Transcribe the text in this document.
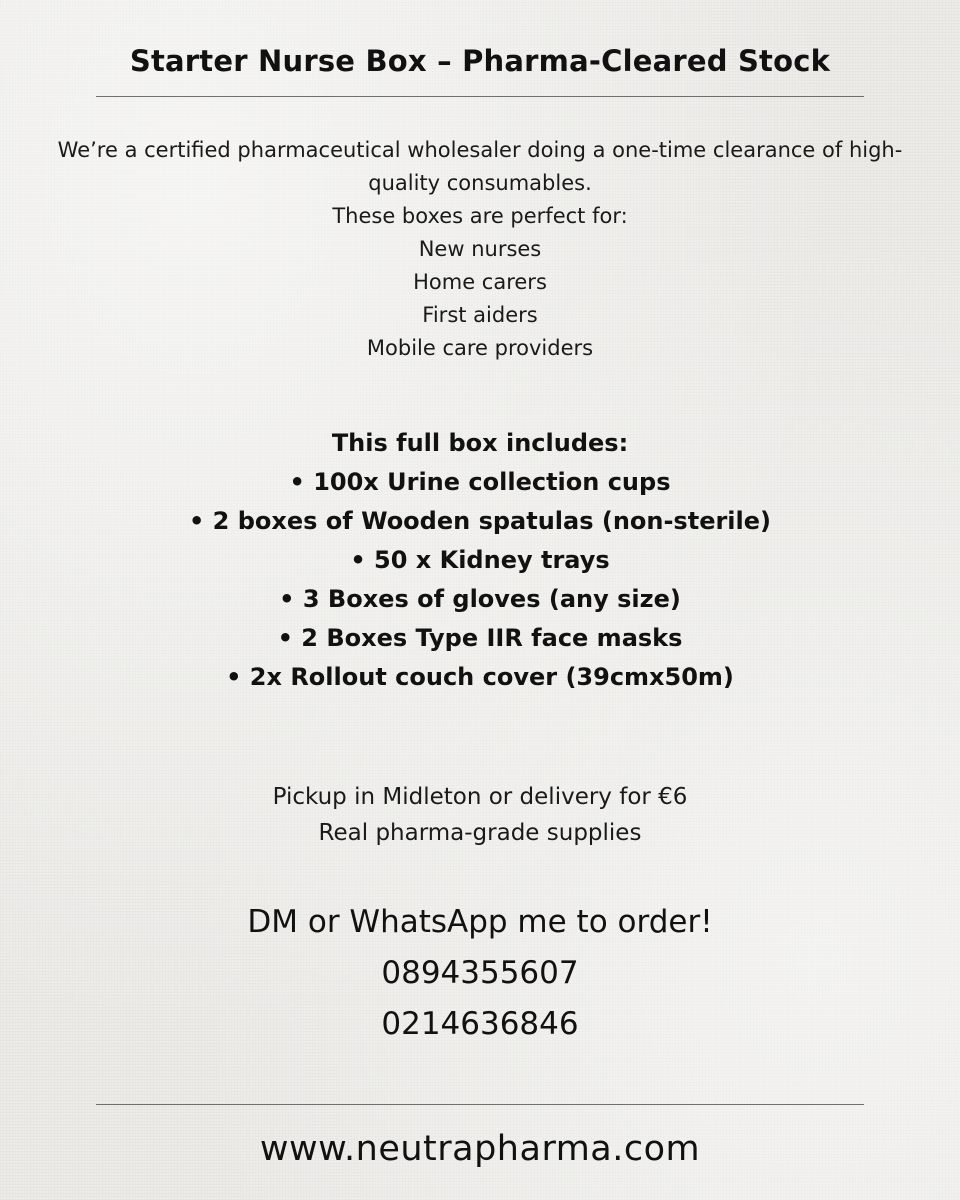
Starter Nurse Box – Pharma-Cleared Stock
We’re a certified pharmaceutical wholesaler doing a one-time clearance of high-
quality consumables.
These boxes are perfect for:
New nurses
Home carers
First aiders
Mobile care providers
This full box includes:
• 100x Urine collection cups
• 2 boxes of Wooden spatulas (non-sterile)
• 50 x Kidney trays
• 3 Boxes of gloves (any size)
• 2 Boxes Type IIR face masks
• 2x Rollout couch cover (39cmx50m)
Pickup in Midleton or delivery for €6
Real pharma-grade supplies
DM or WhatsApp me to order!
0894355607
0214636846
www.neutrapharma.com
